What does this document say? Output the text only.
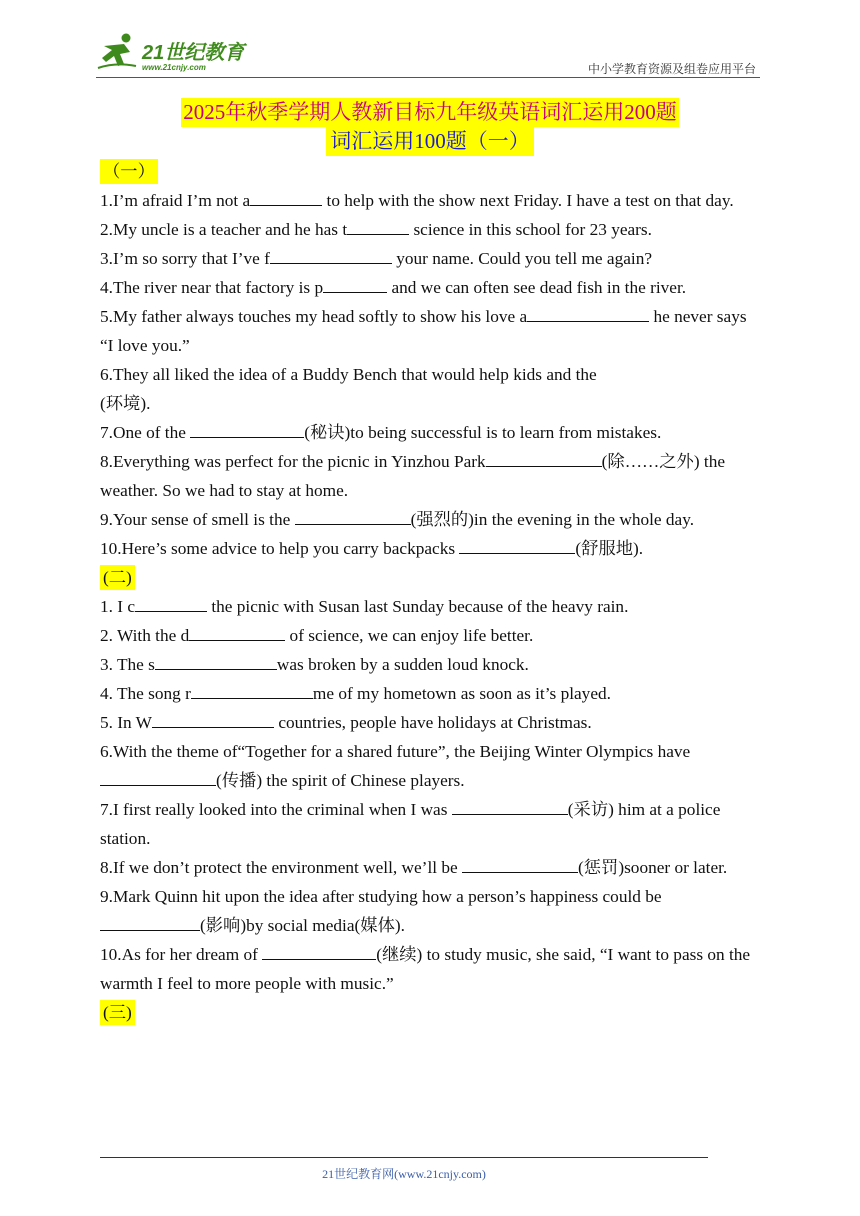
21世纪教育
www.21cnjy.com	中小学教育资源及组卷应用平台
2025年秋季学期人教新目标九年级英语词汇运用200题
词汇运用100题（一）
（一）

1.I’m afraid I’m not a	to help with the show next Friday. I have a test on that day.

2.My uncle is a teacher and he has t	science in this school for 23 years.

3.I’m so sorry that I’ve f	your name. Could you tell me again?

4.The river near that factory is p	and we can often see dead fish in the river.

5.My father always touches my head softly to show his love a	he never says “I love you.”

6.They all liked the idea of a Buddy Bench that would help kids and the
(环境).

7.One of the	(秘诀)to being successful is to learn from mistakes.

8.Everything was perfect for the picnic in Yinzhou Park	(除……之外) the weather. So we had to stay at home.

9.Your sense of smell is the	(强烈的)in the evening in the whole day.

10.Here’s some advice to help you carry backpacks	(舒服地).

(二)

1. I c	the picnic with Susan last Sunday because of the heavy rain.

2. With the d	of science, we can enjoy life better.

3. The s	was broken by a sudden loud knock.

4. The song r	me of my hometown as soon as it’s played.

5. In W	countries, people have holidays at Christmas.

6.With the theme of“Together for a shared future”, the Beijing Winter Olympics have (传播) the spirit of Chinese players.

7.I first really looked into the criminal when I was	(采访) him at a police station.

8.If we don’t protect the environment well, we’ll be	(惩罚)sooner or later.

9.Mark Quinn hit upon the idea after studying how a person’s happiness could be (影响)by social media(媒体).

10.As for her dream of	(继续) to study music, she said, “I want to pass on the warmth I feel to more people with music.”

(三)
21世纪教育网(www.21cnjy.com)
